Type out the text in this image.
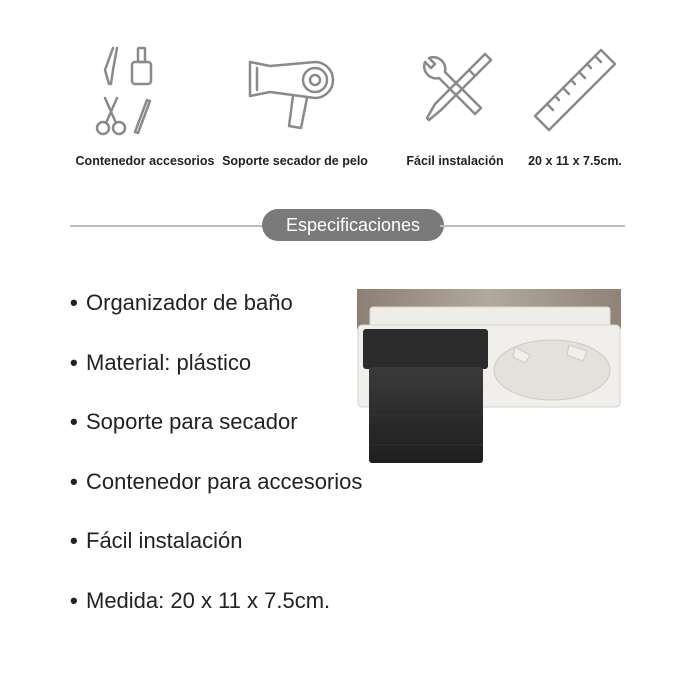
Contenedor accesorios Soporte secador de pelo	Fácil instalación	20 x 11 x 7.5cm.
Especificaciones
• Organizador de baño
• Material: plástico
• Soporte para secador
• Contenedor para accesorios
• Fácil instalación
• Medida: 20 x 11 x 7.5cm.
